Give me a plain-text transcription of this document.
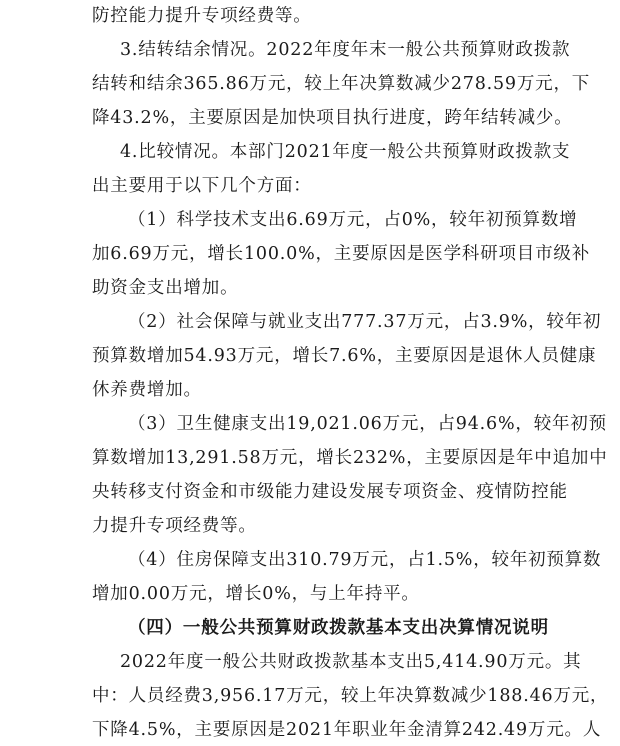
防控能力提升专项经费等。
3.结转结余情况。2022年度年末一般公共预算财政拨款
结转和结余365.86万元，较上年决算数减少278.59万元，下
降43.2%，主要原因是加快项目执行进度，跨年结转减少。
4.比较情况。本部门2021年度一般公共预算财政拨款支
出主要用于以下几个方面：
（1）科学技术支出6.69万元，占0%，较年初预算数增
加6.69万元，增长100.0%，主要原因是医学科研项目市级补
助资金支出增加。
（2）社会保障与就业支出777.37万元，占3.9%，较年初
预算数增加54.93万元，增长7.6%，主要原因是退休人员健康
休养费增加。
（3）卫生健康支出19,021.06万元，占94.6%，较年初预
算数增加13,291.58万元，增长232%，主要原因是年中追加中
央转移支付资金和市级能力建设发展专项资金、疫情防控能
力提升专项经费等。
（4）住房保障支出310.79万元，占1.5%，较年初预算数
增加0.00万元，增长0%，与上年持平。
（四）一般公共预算财政拨款基本支出决算情况说明
2022年度一般公共财政拨款基本支出5,414.90万元。其
中：人员经费3,956.17万元，较上年决算数减少188.46万元，
下降4.5%，主要原因是2021年职业年金清算242.49万元。人
